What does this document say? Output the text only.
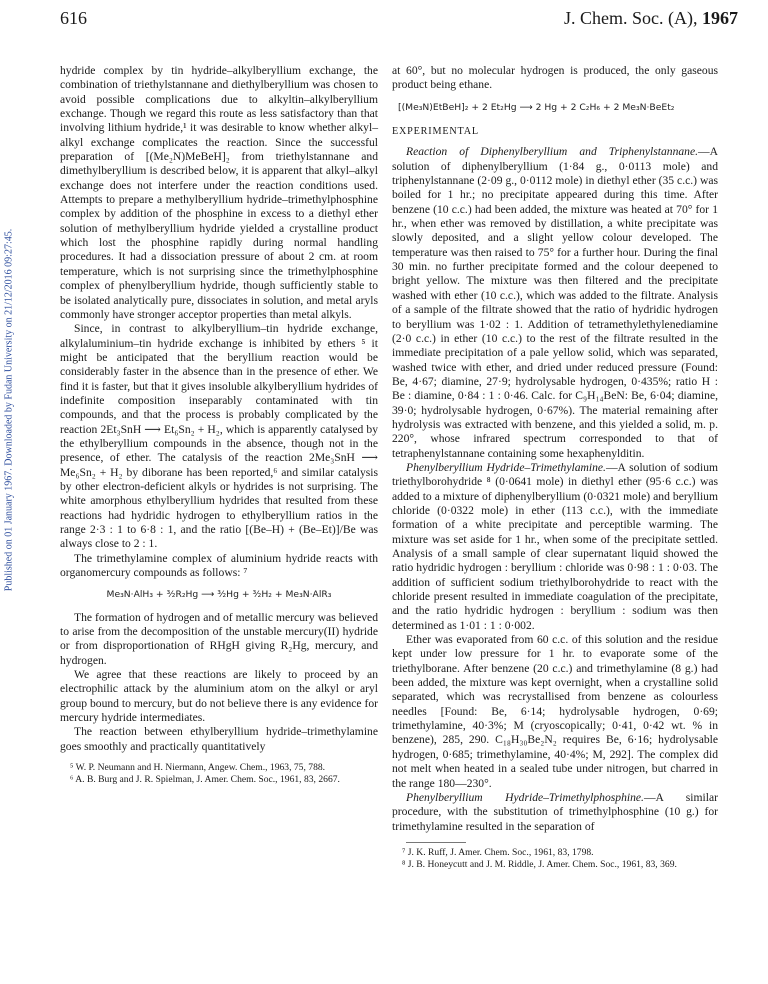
616	J. Chem. Soc. (A), 1967
Published on 01 January 1967. Downloaded by Fudan University on 21/12/2016 09:27:45.

hydride complex by tin hydride–alkylberyllium exchange, the combination of triethylstannane and diethylberyllium was chosen to avoid possible complications due to alkyltin–alkylberyllium exchange. Though we regard this route as less satisfactory than that involving lithium hydride,¹ it was desirable to know whether alkyl–alkyl exchange complicates the reaction. Since the successful preparation of [(Me₂N)MeBeH]₂ from triethylstannane and dimethylberyllium is described below, it is apparent that alkyl–alkyl exchange does not interfere under the reaction conditions used. Attempts to prepare a methylberyllium hydride–trimethylphosphine complex by addition of the phosphine in excess to a diethyl ether solution of methylberyllium hydride yielded a crystalline product which lost the phosphine rapidly during normal handling procedures. It had a dissociation pressure of about 2 cm. at room temperature, which is not surprising since the trimethylphosphine complex of phenylberyllium hydride, though sufficiently stable to be isolated analytically pure, dissociates in solution, and metal aryls commonly have stronger acceptor properties than metal alkyls.

Since, in contrast to alkylberyllium–tin hydride exchange, alkylaluminium–tin hydride exchange is inhibited by ethers ⁵ it might be anticipated that the beryllium reaction would be considerably faster in the absence than in the presence of ether. We find it is faster, but that it gives insoluble alkylberyllium hydrides of indefinite composition inseparably contaminated with tin compounds, and that the process is probably complicated by the reaction 2Et₃SnH ⟶ Et₆Sn₂ + H₂, which is apparently catalysed by the ethylberyllium compounds in the absence, though not in the presence, of ether. The catalysis of the reaction 2Me₃SnH ⟶ Me₆Sn₂ + H₂ by diborane has been reported,⁶ and similar catalysis by other electron-deficient alkyls or hydrides is not surprising. The white amorphous ethylberyllium hydrides that resulted from these reactions had hydridic hydrogen to ethylberyllium ratios in the range 2·3 : 1 to 6·8 : 1, and the ratio [(Be–H) + (Be–Et)]/Be was always close to 2 : 1.

The trimethylamine complex of aluminium hydride reacts with organomercury compounds as follows: ⁷

Me₃N·AlH₃ + ³⁄₂R₂Hg ⟶ ³⁄₂Hg + ³⁄₂H₂ + Me₃N·AlR₃

The formation of hydrogen and of metallic mercury was believed to arise from the decomposition of the unstable mercury(II) hydride or from disproportionation of RHgH giving R₂Hg, mercury, and hydrogen.

We agree that these reactions are likely to proceed by an electrophilic attack by the aluminium atom on the alkyl or aryl group bound to mercury, but do not believe there is any evidence for mercury hydride intermediates.

The reaction between ethylberyllium hydride–trimethylamine goes smoothly and practically quantitatively

⁵ W. P. Neumann and H. Niermann, Angew. Chem., 1963, 75, 788.

⁶ A. B. Burg and J. R. Spielman, J. Amer. Chem. Soc., 1961, 83, 2667.

at 60°, but no molecular hydrogen is produced, the only gaseous product being ethane.

[(Me₃N)EtBeH]₂ + 2 Et₂Hg ⟶ 2 Hg + 2 C₂H₆ + 2 Me₃N·BeEt₂
EXPERIMENTAL

Reaction of Diphenylberyllium and Triphenylstannane.—A solution of diphenylberyllium (1·84 g., 0·0113 mole) and triphenylstannane (2·09 g., 0·0112 mole) in diethyl ether (35 c.c.) was boiled for 1 hr.; no precipitate appeared during this time. After benzene (10 c.c.) had been added, the mixture was heated at 70° for 1 hr., when ether was removed by distillation, a white precipitate was slowly deposited, and a slight yellow colour developed. The temperature was then raised to 75° for a further hour. During the final 30 min. no further precipitate formed and the colour deepened to bright yellow. The mixture was then filtered and the precipitate washed with ether (10 c.c.), which was added to the filtrate. Analysis of a sample of the filtrate showed that the ratio of hydridic hydrogen to beryllium was 1·02 : 1. Addition of tetramethylethylenediamine (2·0 c.c.) in ether (10 c.c.) to the rest of the filtrate resulted in the immediate precipitation of a pale yellow solid, which was separated, washed twice with ether, and dried under reduced pressure (Found: Be, 4·67; diamine, 27·9; hydrolysable hydrogen, 0·435%; ratio H : Be : diamine, 0·84 : 1 : 0·46. Calc. for C₉H₁₄BeN: Be, 6·04; diamine, 39·0; hydrolysable hydrogen, 0·67%). The material remaining after hydrolysis was extracted with benzene, and this yielded a solid, m. p. 220°, whose infrared spectrum corresponded to that of tetraphenylstannane containing some hexaphenylditin.

Phenylberyllium Hydride–Trimethylamine.—A solution of sodium triethylborohydride ⁸ (0·0641 mole) in diethyl ether (95·6 c.c.) was added to a mixture of diphenylberyllium (0·0321 mole) and beryllium chloride (0·0322 mole) in ether (113 c.c.), with the immediate formation of a white precipitate and perceptible warming. The mixture was set aside for 1 hr., when some of the precipitate settled. Analysis of a small sample of clear supernatant liquid showed the ratio hydridic hydrogen : beryllium : chloride was 0·98 : 1 : 0·03. The addition of sufficient sodium triethylborohydride to react with the chloride present resulted in immediate coagulation of the precipitate, and the ratio hydridic hydrogen : beryllium : sodium was then determined as 1·01 : 1 : 0·002.

Ether was evaporated from 60 c.c. of this solution and the residue kept under low pressure for 1 hr. to evaporate some of the triethylborane. After benzene (20 c.c.) and trimethylamine (8 g.) had been added, the mixture was kept overnight, when a crystalline solid separated, which was recrystallised from benzene as colourless needles [Found: Be, 6·14; hydrolysable hydrogen, 0·69; trimethylamine, 40·3%; M (cryoscopically; 0·41, 0·42 wt. % in benzene), 285, 290. C₁₈H₃₀Be₂N₂ requires Be, 6·16; hydrolysable hydrogen, 0·685; trimethylamine, 40·4%; M, 292]. The complex did not melt when heated in a sealed tube under nitrogen, but charred in the range 180—230°.

Phenylberyllium Hydride–Trimethylphosphine.—A similar procedure, with the substitution of trimethylphosphine (10 g.) for trimethylamine resulted in the separation of

⁷ J. K. Ruff, J. Amer. Chem. Soc., 1961, 83, 1798.

⁸ J. B. Honeycutt and J. M. Riddle, J. Amer. Chem. Soc., 1961, 83, 369.
